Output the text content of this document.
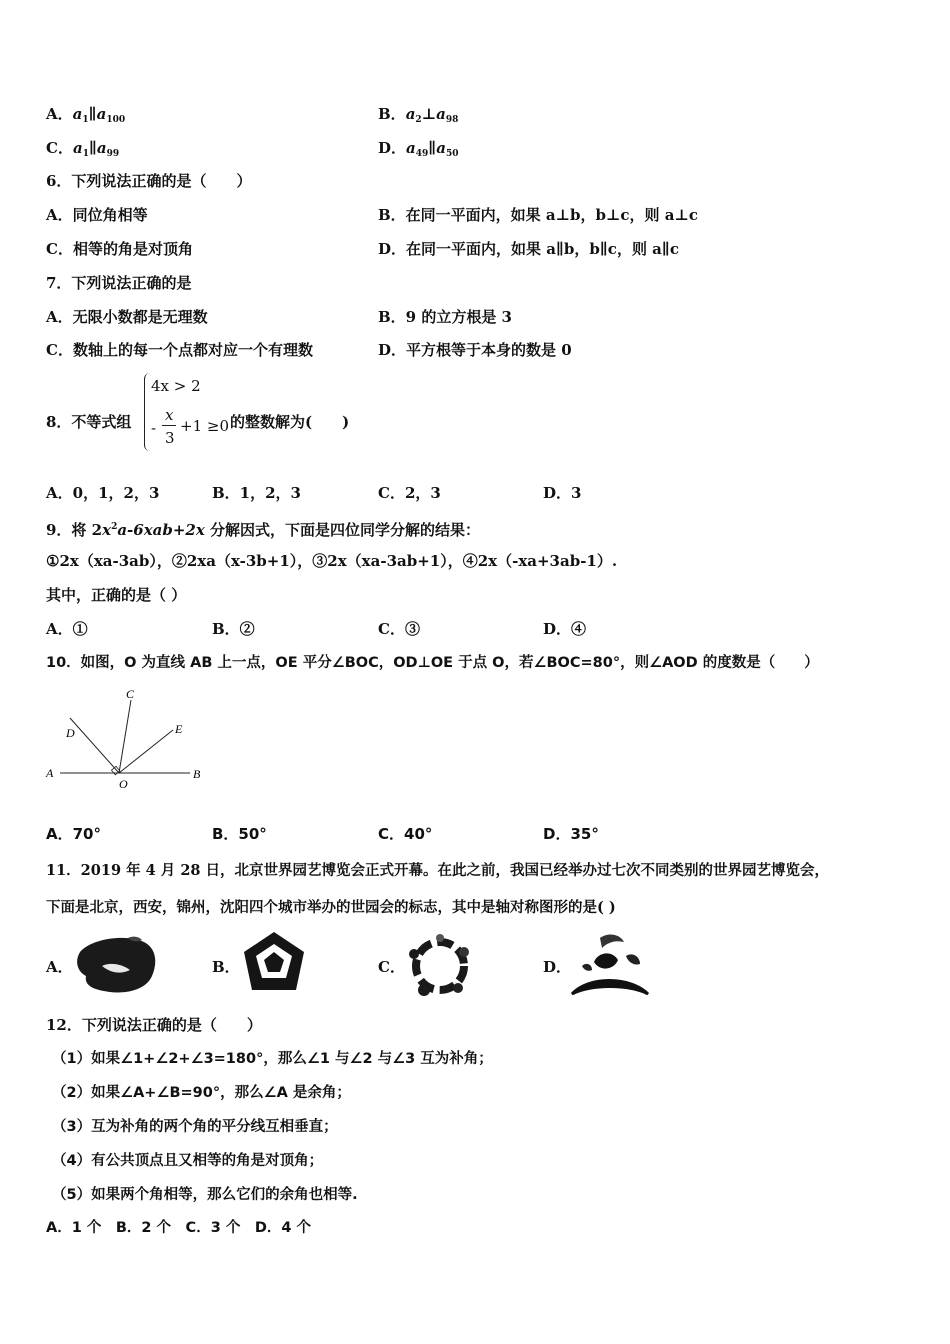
A．$a_1\parallel a_{100}$	B．$a_2\perp a_{98}$
C．$a_1\parallel a_{99}$	D．$a_{49}\parallel a_{50}$
6．下列说法正确的是（　　）
A．同位角相等	B．在同一平面内，如果 a⊥b，b⊥c，则 a⊥c
C．相等的角是对顶角	D．在同一平面内，如果 a∥b，b∥c，则 a∥c
7．下列说法正确的是
A．无限小数都是无理数	B．9 的立方根是 3
C．数轴上的每一个点都对应一个有理数	D．平方根等于本身的数是 0
8．不等式组
4x > 2
-
x
3
+1 ≥0 的整数解为(　　)
A．0，1，2，3	B．1，2，3	C．2，3	D．3
9．将 $2x^2a-6xab+2x$ 分解因式，下面是四位同学分解的结果：
①2x（xa-3ab），②2xa（x-3b+1），③2x（xa-3ab+1），④2x（-xa+3ab-1）.
其中，正确的是（ ）
A．①	B．②	C．③	D．④
10．如图，O 为直线 AB 上一点，OE 平分∠BOC，OD⊥OE 于点 O，若∠BOC=80°，则∠AOD 的度数是（　　）
A	B
C
D	E
O
A．70°	B．50°	C．40°	D．35°
11．2019 年 4 月 28 日，北京世界园艺博览会正式开幕。在此之前，我国已经举办过七次不同类别的世界园艺博览会，
下面是北京，西安，锦州，沈阳四个城市举办的世园会的标志，其中是轴对称图形的是( )
A．	B．	C．	D．
12．下列说法正确的是（　　）
（1）如果∠1+∠2+∠3=180°，那么∠1 与∠2 与∠3 互为补角；
（2）如果∠A+∠B=90°，那么∠A 是余角；
（3）互为补角的两个角的平分线互相垂直；
（4）有公共顶点且又相等的角是对顶角；
（5）如果两个角相等，那么它们的余角也相等.
A．1 个　B．2 个　C．3 个　D．4 个
